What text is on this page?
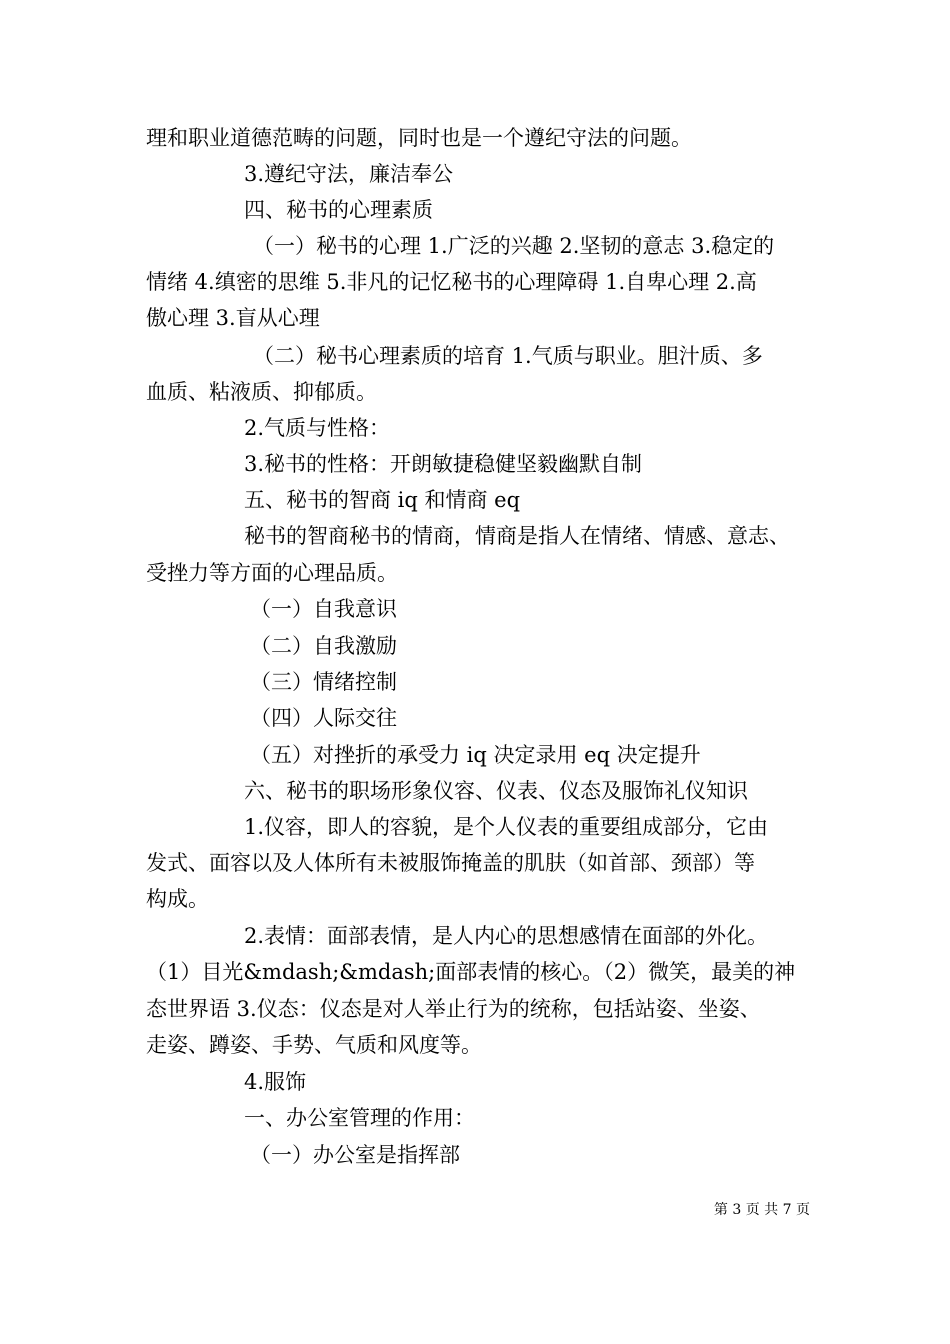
理和职业道德范畴的问题，同时也是一个遵纪守法的问题。
3.遵纪守法，廉洁奉公
四、秘书的心理素质
（一）秘书的心理 1.广泛的兴趣 2.坚韧的意志 3.稳定的
情绪 4.缜密的思维 5.非凡的记忆秘书的心理障碍 1.自卑心理 2.高
傲心理 3.盲从心理
（二）秘书心理素质的培育 1.气质与职业。胆汁质、多
血质、粘液质、抑郁质。
2.气质与性格：
3.秘书的性格：开朗敏捷稳健坚毅幽默自制
五、秘书的智商 iq 和情商 eq
秘书的智商秘书的情商，情商是指人在情绪、情感、意志、
受挫力等方面的心理品质。
（一）自我意识
（二）自我激励
（三）情绪控制
（四）人际交往
（五）对挫折的承受力 iq 决定录用 eq 决定提升
六、秘书的职场形象仪容、仪表、仪态及服饰礼仪知识
1.仪容，即人的容貌，是个人仪表的重要组成部分，它由
发式、面容以及人体所有未被服饰掩盖的肌肤（如首部、颈部）等
构成。
2.表情：面部表情，是人内心的思想感情在面部的外化。
（1）目光&mdash;&mdash;面部表情的核心。（2）微笑，最美的神
态世界语 3.仪态：仪态是对人举止行为的统称，包括站姿、坐姿、
走姿、蹲姿、手势、气质和风度等。
4.服饰
一、办公室管理的作用：
（一）办公室是指挥部
第 3 页 共 7 页
